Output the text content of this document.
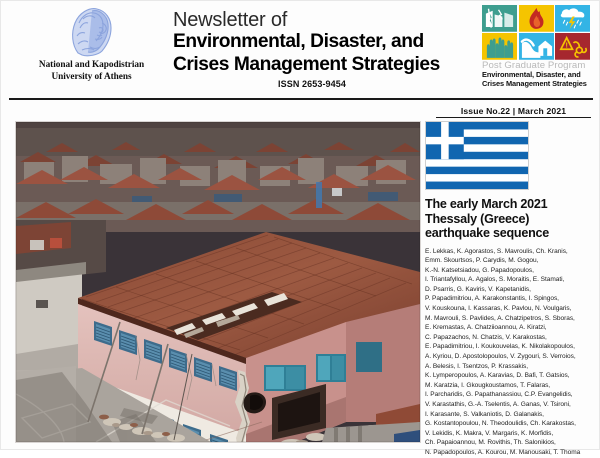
National and Kapodistrian
University of Athens
Newsletter of
Environmental, Disaster, and
Crises Management Strategies
ISSN 2653-9454
!
Post Graduate Program
Environmental, Disaster, and
Crises Management Strategies
Issue No.22 | March 2021
The early March 2021
Thessaly (Greece)
earthquake sequence
E. Lekkas, K. Agorastos, S. Mavroulis, Ch. Kranis,
Emm. Skourtsos, P. Carydis, M. Gogou,
K.-N. Katsetsiadou, G. Papadopoulos,
I. Triantafyllou, A. Agalos, S. Moraitis, E. Stamati,
D. Psarris, G. Kaviris, V. Kapetanidis,
P. Papadimitriou, A. Karakonstantis, I. Spingos,
V. Kouskouna, I. Kassaras, K. Pavlou, N. Voulgaris,
M. Mavrouli, S. Pavlides, A. Chatzipetros, S. Sboras,
E. Kremastas, A. Chatziioannou, A. Kiratzi,
C. Papazachos, N. Chatzis, V. Karakostas,
E. Papadimitriou, I. Koukouvelas, K. Nikolakopoulos,
A. Kyriou, D. Apostolopoulos, V. Zygouri, S. Verroios,
A. Belesis, I. Tsentzos, P. Krassakis,
K. Lymperopoulos, A. Karavias, D. Bafi, T. Gatsios,
M. Karatzia, I. Gkougkoustamos, T. Falaras,
I. Parcharidis, G. Papathanassiou, C.P. Evangelidis,
V. Karastathis, G.-A. Tselentis, A. Ganas, V. Tsironi,
I. Karasante, S. Valkaniotis, D. Galanakis,
G. Kostantopoulou, N. Theodoulidis, Ch. Karakostas,
V. Lekidis, K. Makra, V. Margaris, K. Morfidis,
Ch. Papaioannou, M. Rovithis, Th. Salonikios,
N. Papadopoulos, A. Kourou, M. Manousaki, T. Thoma
